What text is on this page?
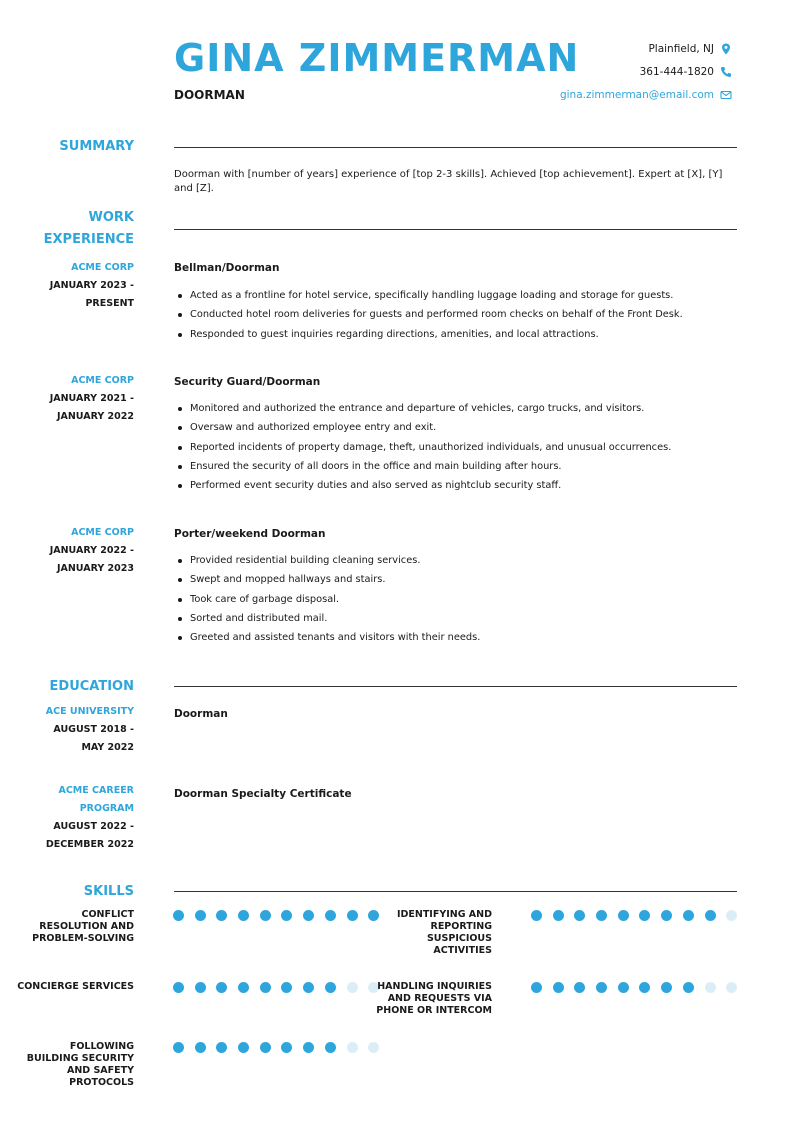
GINA ZIMMERMAN
DOORMAN
Plainfield, NJ
361-444-1820
gina.zimmerman@email.com
SUMMARY
Doorman with [number of years] experience of [top 2-3 skills]. Achieved [top achievement]. Expert at [X], [Y] and [Z].
WORK
EXPERIENCE
ACME CORP
JANUARY 2023 -
PRESENT
Bellman/Doorman
Acted as a frontline for hotel service, specifically handling luggage loading and storage for guests.
Conducted hotel room deliveries for guests and performed room checks on behalf of the Front Desk.
Responded to guest inquiries regarding directions, amenities, and local attractions.
ACME CORP
JANUARY 2021 -
JANUARY 2022
Security Guard/Doorman
Monitored and authorized the entrance and departure of vehicles, cargo trucks, and visitors.
Oversaw and authorized employee entry and exit.
Reported incidents of property damage, theft, unauthorized individuals, and unusual occurrences.
Ensured the security of all doors in the office and main building after hours.
Performed event security duties and also served as nightclub security staff.
ACME CORP
JANUARY 2022 -
JANUARY 2023
Porter/weekend Doorman
Provided residential building cleaning services.
Swept and mopped hallways and stairs.
Took care of garbage disposal.
Sorted and distributed mail.
Greeted and assisted tenants and visitors with their needs.
EDUCATION
ACE UNIVERSITY
AUGUST 2018 -
MAY 2022
Doorman
ACME CAREER
PROGRAM
AUGUST 2022 -
DECEMBER 2022
Doorman Specialty Certificate
SKILLS
CONFLICT
RESOLUTION AND
PROBLEM-SOLVING
IDENTIFYING AND
REPORTING
SUSPICIOUS
ACTIVITIES
CONCIERGE SERVICES	HANDLING INQUIRIES
AND REQUESTS VIA
PHONE OR INTERCOM
FOLLOWING
BUILDING SECURITY
AND SAFETY
PROTOCOLS
